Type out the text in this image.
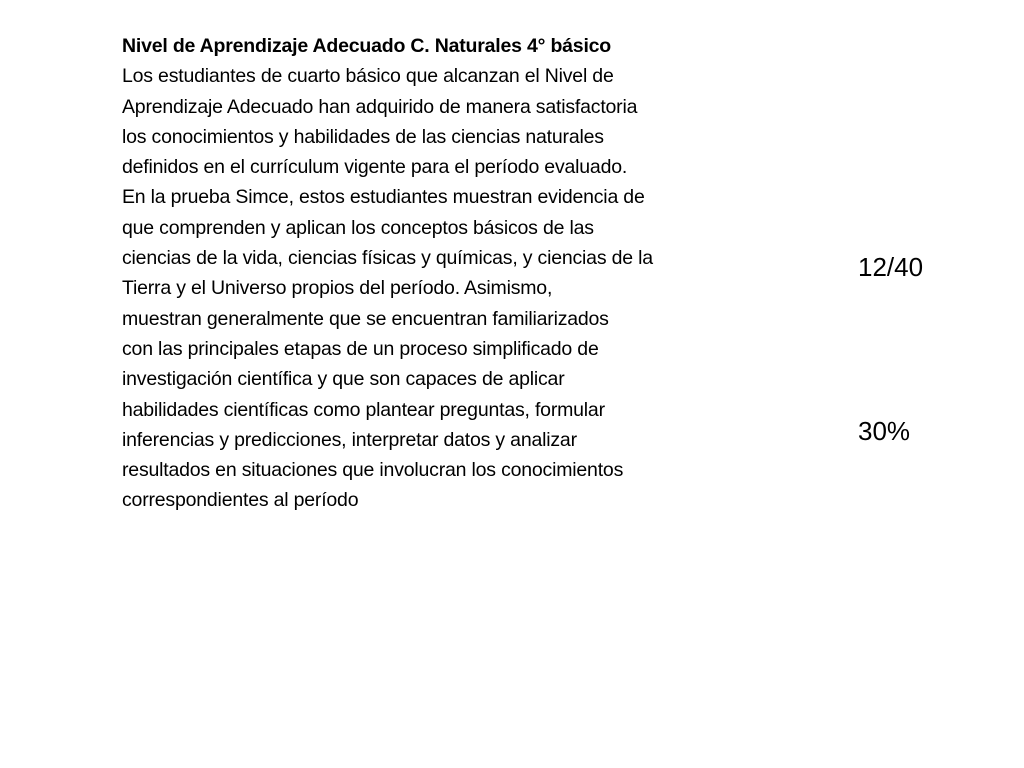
Nivel de Aprendizaje Adecuado C. Naturales 4° básico
Los estudiantes de cuarto básico que alcanzan el Nivel de
Aprendizaje Adecuado han adquirido de manera satisfactoria
los conocimientos y habilidades de las ciencias naturales
definidos en el currículum vigente para el período evaluado.
En la prueba Simce, estos estudiantes muestran evidencia de
que comprenden y aplican los conceptos básicos de las
ciencias de la vida, ciencias físicas y químicas, y ciencias de la
Tierra y el Universo propios del período. Asimismo,
muestran generalmente que se encuentran familiarizados
con las principales etapas de un proceso simplificado de
investigación científica y que son capaces de aplicar
habilidades científicas como plantear preguntas, formular
inferencias y predicciones, interpretar datos y analizar
resultados en situaciones que involucran los conocimientos
correspondientes al período
12/40
30%
